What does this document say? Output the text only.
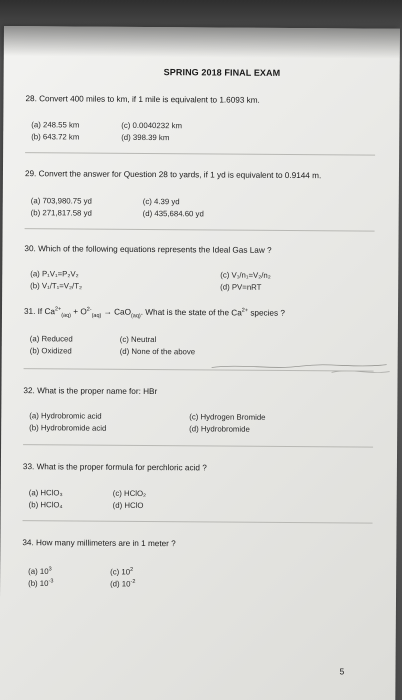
SPRING 2018 FINAL EXAM
28. Convert 400 miles to km, if 1 mile is equivalent to 1.6093 km.
(a) 248.55 km
(b) 643.72 km
(c) 0.0040232 km
(d) 398.39 km
29. Convert the answer for Question 28 to yards, if 1 yd is equivalent to 0.9144 m.
(a) 703,980.75 yd
(b) 271,817.58 yd
(c) 4.39 yd
(d) 435,684.60 yd
30. Which of the following equations represents the Ideal Gas Law ?
(a) P₁V₁=P₂V₂
(b) V₁/T₁=V₂/T₂
(c) V₁/n₁=V₂/n₂
(d) PV=nRT
31. If $Ca^{2+}_{(aq)} + O^{2-}_{(aq)} \to CaO_{(aq)}$. What is the state of the $Ca^{2+}$ species ?
(a) Reduced
(b) Oxidized
(c) Neutral
(d) None of the above
32. What is the proper name for: HBr
(a) Hydrobromic acid
(b) Hydrobromide acid
(c) Hydrogen Bromide
(d) Hydrobromide
33. What is the proper formula for perchloric acid ?
(a) HClO₃
(b) HClO₄
(c) HClO₂
(d) HClO
34. How many millimeters are in 1 meter ?
(a) $10^3$
(b) $10^{-3}$
(c) $10^2$
(d) $10^{-2}$
5
